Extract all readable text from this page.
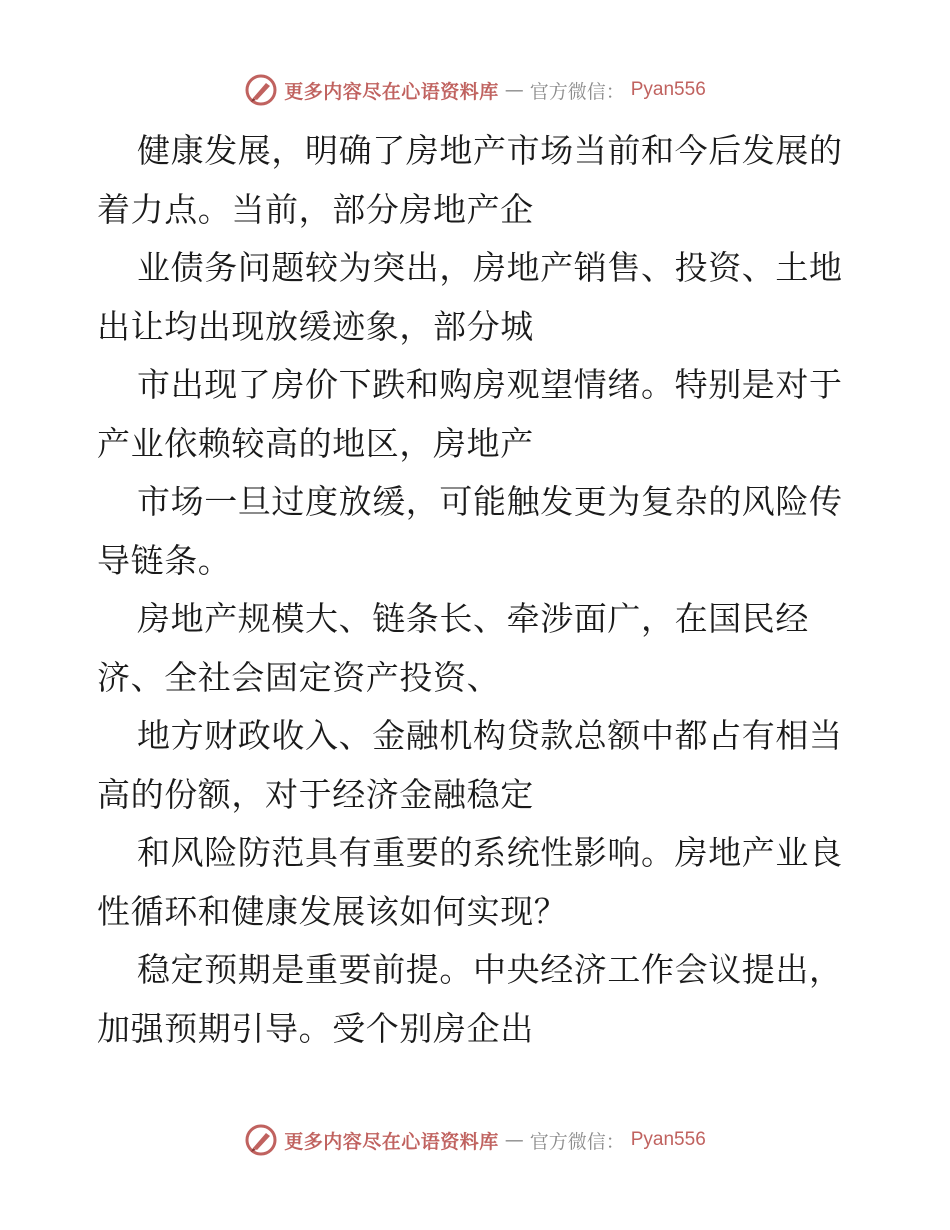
更多内容尽在心语资料库 — 官方微信： Pyan556
健康发展，明确了房地产市场当前和今后发展的
着力点。当前，部分房地产企
业债务问题较为突出，房地产销售、投资、土地
出让均出现放缓迹象，部分城
市出现了房价下跌和购房观望情绪。特别是对于
产业依赖较高的地区，房地产
市场一旦过度放缓，可能触发更为复杂的风险传
导链条。
房地产规模大、链条长、牵涉面广，在国民经
济、全社会固定资产投资、
地方财政收入、金融机构贷款总额中都占有相当
高的份额，对于经济金融稳定
和风险防范具有重要的系统性影响。房地产业良
性循环和健康发展该如何实现？
稳定预期是重要前提。中央经济工作会议提出，
加强预期引导。受个别房企出
更多内容尽在心语资料库 — 官方微信： Pyan556
